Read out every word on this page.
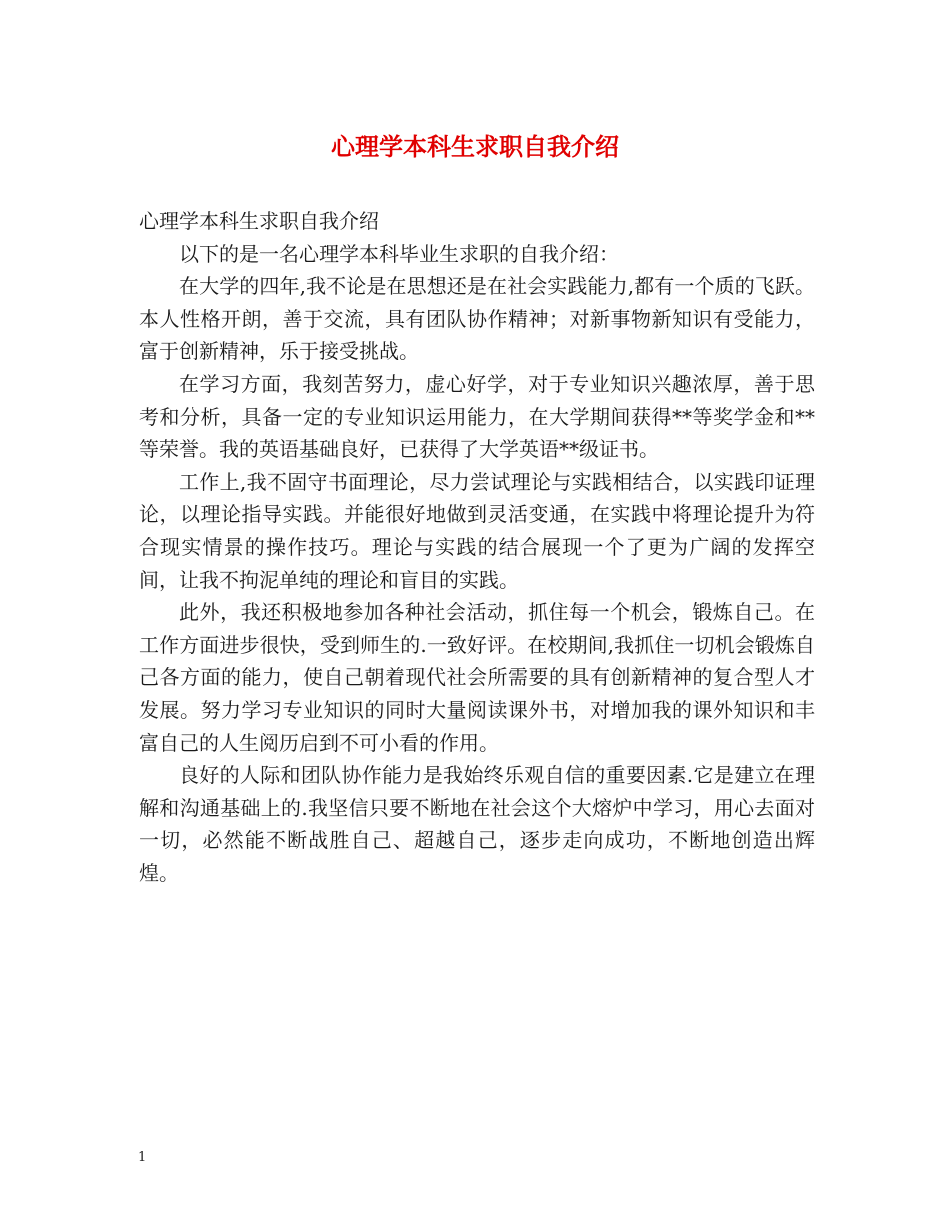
心理学本科生求职自我介绍

心理学本科生求职自我介绍

以下的是一名心理学本科毕业生求职的自我介绍：

在大学的四年,我不论是在思想还是在社会实践能力,都有一个质的飞跃。本人性格开朗，善于交流，具有团队协作精神；对新事物新知识有受能力，富于创新精神，乐于接受挑战。

在学习方面，我刻苦努力，虚心好学，对于专业知识兴趣浓厚，善于思考和分析，具备一定的专业知识运用能力，在大学期间获得**等奖学金和**等荣誉。我的英语基础良好，已获得了大学英语**级证书。

工作上,我不固守书面理论，尽力尝试理论与实践相结合，以实践印证理论，以理论指导实践。并能很好地做到灵活变通，在实践中将理论提升为符合现实情景的操作技巧。理论与实践的结合展现一个了更为广阔的发挥空间，让我不拘泥单纯的理论和盲目的实践。

此外，我还积极地参加各种社会活动，抓住每一个机会，锻炼自己。在工作方面进步很快，受到师生的.一致好评。在校期间,我抓住一切机会锻炼自己各方面的能力，使自己朝着现代社会所需要的具有创新精神的复合型人才发展。努力学习专业知识的同时大量阅读课外书，对增加我的课外知识和丰富自己的人生阅历启到不可小看的作用。

良好的人际和团队协作能力是我始终乐观自信的重要因素.它是建立在理解和沟通基础上的.我坚信只要不断地在社会这个大熔炉中学习，用心去面对一切，必然能不断战胜自己、超越自己，逐步走向成功，不断地创造出辉煌。

1
